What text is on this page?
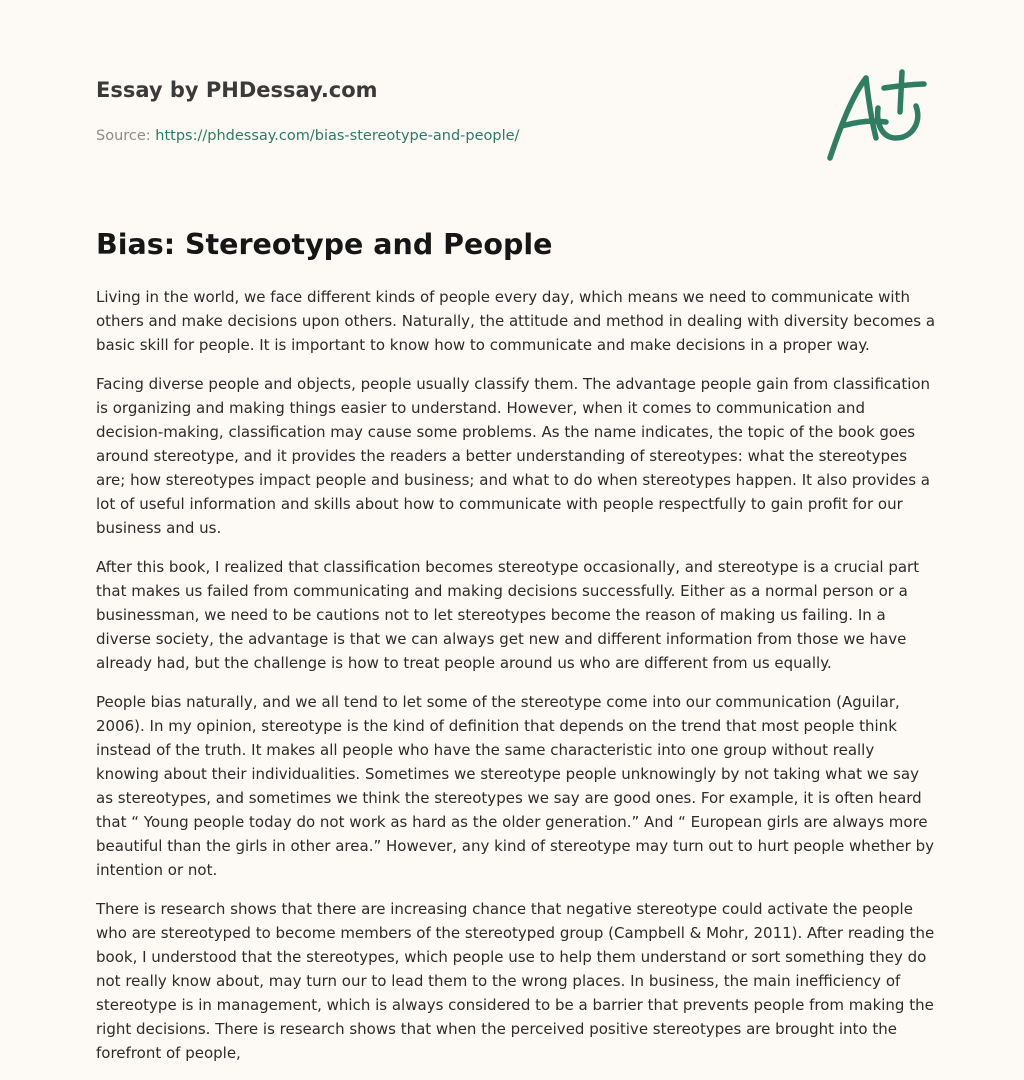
Essay by PHDessay.com
Source: https://phdessay.com/bias-stereotype-and-people/
Bias: Stereotype and People

Living in the world, we face different kinds of people every day, which means we need to communicate with others and make decisions upon others. Naturally, the attitude and method in dealing with diversity becomes a basic skill for people. It is important to know how to communicate and make decisions in a proper way.

Facing diverse people and objects, people usually classify them. The advantage people gain from classification is organizing and making things easier to understand. However, when it comes to communication and decision-making, classification may cause some problems. As the name indicates, the topic of the book goes around stereotype, and it provides the readers a better understanding of stereotypes: what the stereotypes are; how stereotypes impact people and business; and what to do when stereotypes happen. It also provides a lot of useful information and skills about how to communicate with people respectfully to gain profit for our business and us.

After this book, I realized that classification becomes stereotype occasionally, and stereotype is a crucial part that makes us failed from communicating and making decisions successfully. Either as a normal person or a businessman, we need to be cautions not to let stereotypes become the reason of making us failing. In a diverse society, the advantage is that we can always get new and different information from those we have already had, but the challenge is how to treat people around us who are different from us equally.

People bias naturally, and we all tend to let some of the stereotype come into our communication (Aguilar, 2006). In my opinion, stereotype is the kind of definition that depends on the trend that most people think instead of the truth. It makes all people who have the same characteristic into one group without really knowing about their individualities. Sometimes we stereotype people unknowingly by not taking what we say as stereotypes, and sometimes we think the stereotypes we say are good ones. For example, it is often heard that “ Young people today do not work as hard as the older generation.” And “ European girls are always more beautiful than the girls in other area.” However, any kind of stereotype may turn out to hurt people whether by intention or not.

There is research shows that there are increasing chance that negative stereotype could activate the people who are stereotyped to become members of the stereotyped group (Campbell & Mohr, 2011). After reading the book, I understood that the stereotypes, which people use to help them understand or sort something they do not really know about, may turn our to lead them to the wrong places. In business, the main inefficiency of stereotype is in management, which is always considered to be a barrier that prevents people from making the right decisions. There is research shows that when the perceived positive stereotypes are brought into the forefront of people,
